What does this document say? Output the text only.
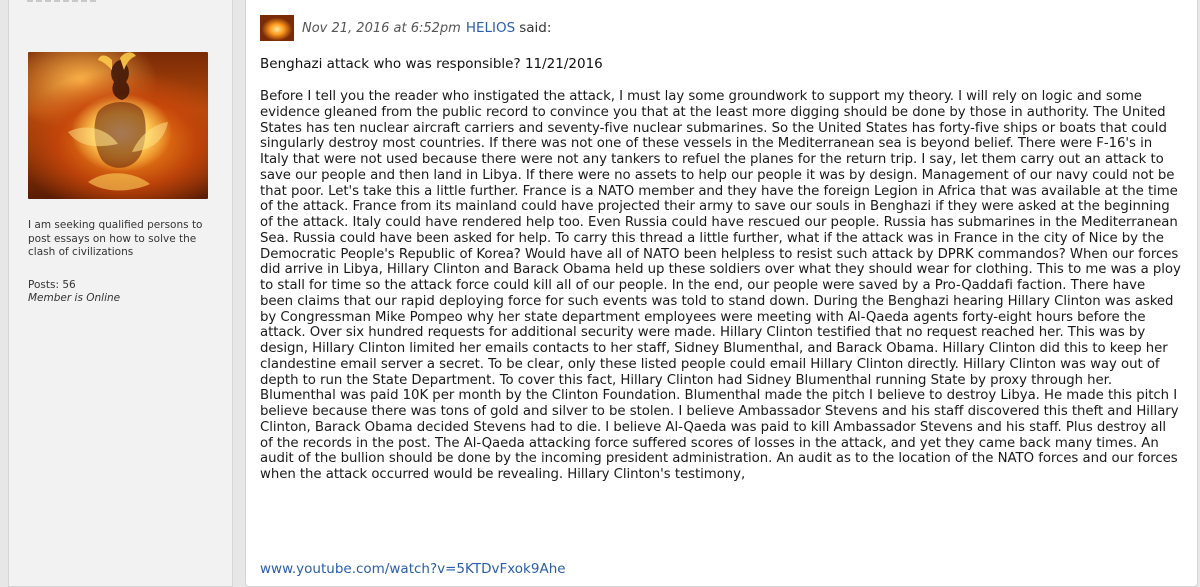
I am seeking qualified persons to post essays on how to solve the clash of civilizations
Posts: 56
Member is Online
Nov 21, 2016 at 6:52pm HELIOS said:
Benghazi attack who was responsible? 11/21/2016
Before I tell you the reader who instigated the attack, I must lay some groundwork to support my theory. I will rely on logic and some evidence gleaned from the public record to convince you that at the least more digging should be done by those in authority. The United States has ten nuclear aircraft carriers and seventy-five nuclear submarines. So the United States has forty-five ships or boats that could singularly destroy most countries. If there was not one of these vessels in the Mediterranean sea is beyond belief. There were F-16's in Italy that were not used because there were not any tankers to refuel the planes for the return trip. I say, let them carry out an attack to save our people and then land in Libya. If there were no assets to help our people it was by design. Management of our navy could not be that poor. Let's take this a little further. France is a NATO member and they have the foreign Legion in Africa that was available at the time of the attack. France from its mainland could have projected their army to save our souls in Benghazi if they were asked at the beginning of the attack. Italy could have rendered help too. Even Russia could have rescued our people. Russia has submarines in the Mediterranean Sea. Russia could have been asked for help. To carry this thread a little further, what if the attack was in France in the city of Nice by the Democratic People's Republic of Korea? Would have all of NATO been helpless to resist such attack by DPRK commandos? When our forces did arrive in Libya, Hillary Clinton and Barack Obama held up these soldiers over what they should wear for clothing. This to me was a ploy to stall for time so the attack force could kill all of our people. In the end, our people were saved by a Pro-Qaddafi faction. There have been claims that our rapid deploying force for such events was told to stand down. During the Benghazi hearing Hillary Clinton was asked by Congressman Mike Pompeo why her state department employees were meeting with Al-Qaeda agents forty-eight hours before the attack. Over six hundred requests for additional security were made. Hillary Clinton testified that no request reached her. This was by design, Hillary Clinton limited her emails contacts to her staff, Sidney Blumenthal, and Barack Obama. Hillary Clinton did this to keep her clandestine email server a secret. To be clear, only these listed people could email Hillary Clinton directly. Hillary Clinton was way out of depth to run the State Department. To cover this fact, Hillary Clinton had Sidney Blumenthal running State by proxy through her. Blumenthal was paid 10K per month by the Clinton Foundation. Blumenthal made the pitch I believe to destroy Libya. He made this pitch I believe because there was tons of gold and silver to be stolen. I believe Ambassador Stevens and his staff discovered this theft and Hillary Clinton, Barack Obama decided Stevens had to die. I believe Al-Qaeda was paid to kill Ambassador Stevens and his staff. Plus destroy all of the records in the post. The Al-Qaeda attacking force suffered scores of losses in the attack, and yet they came back many times. An audit of the bullion should be done by the incoming president administration. An audit as to the location of the NATO forces and our forces when the attack occurred would be revealing. Hillary Clinton's testimony,
www.youtube.com/watch?v=5KTDvFxok9Ahe
